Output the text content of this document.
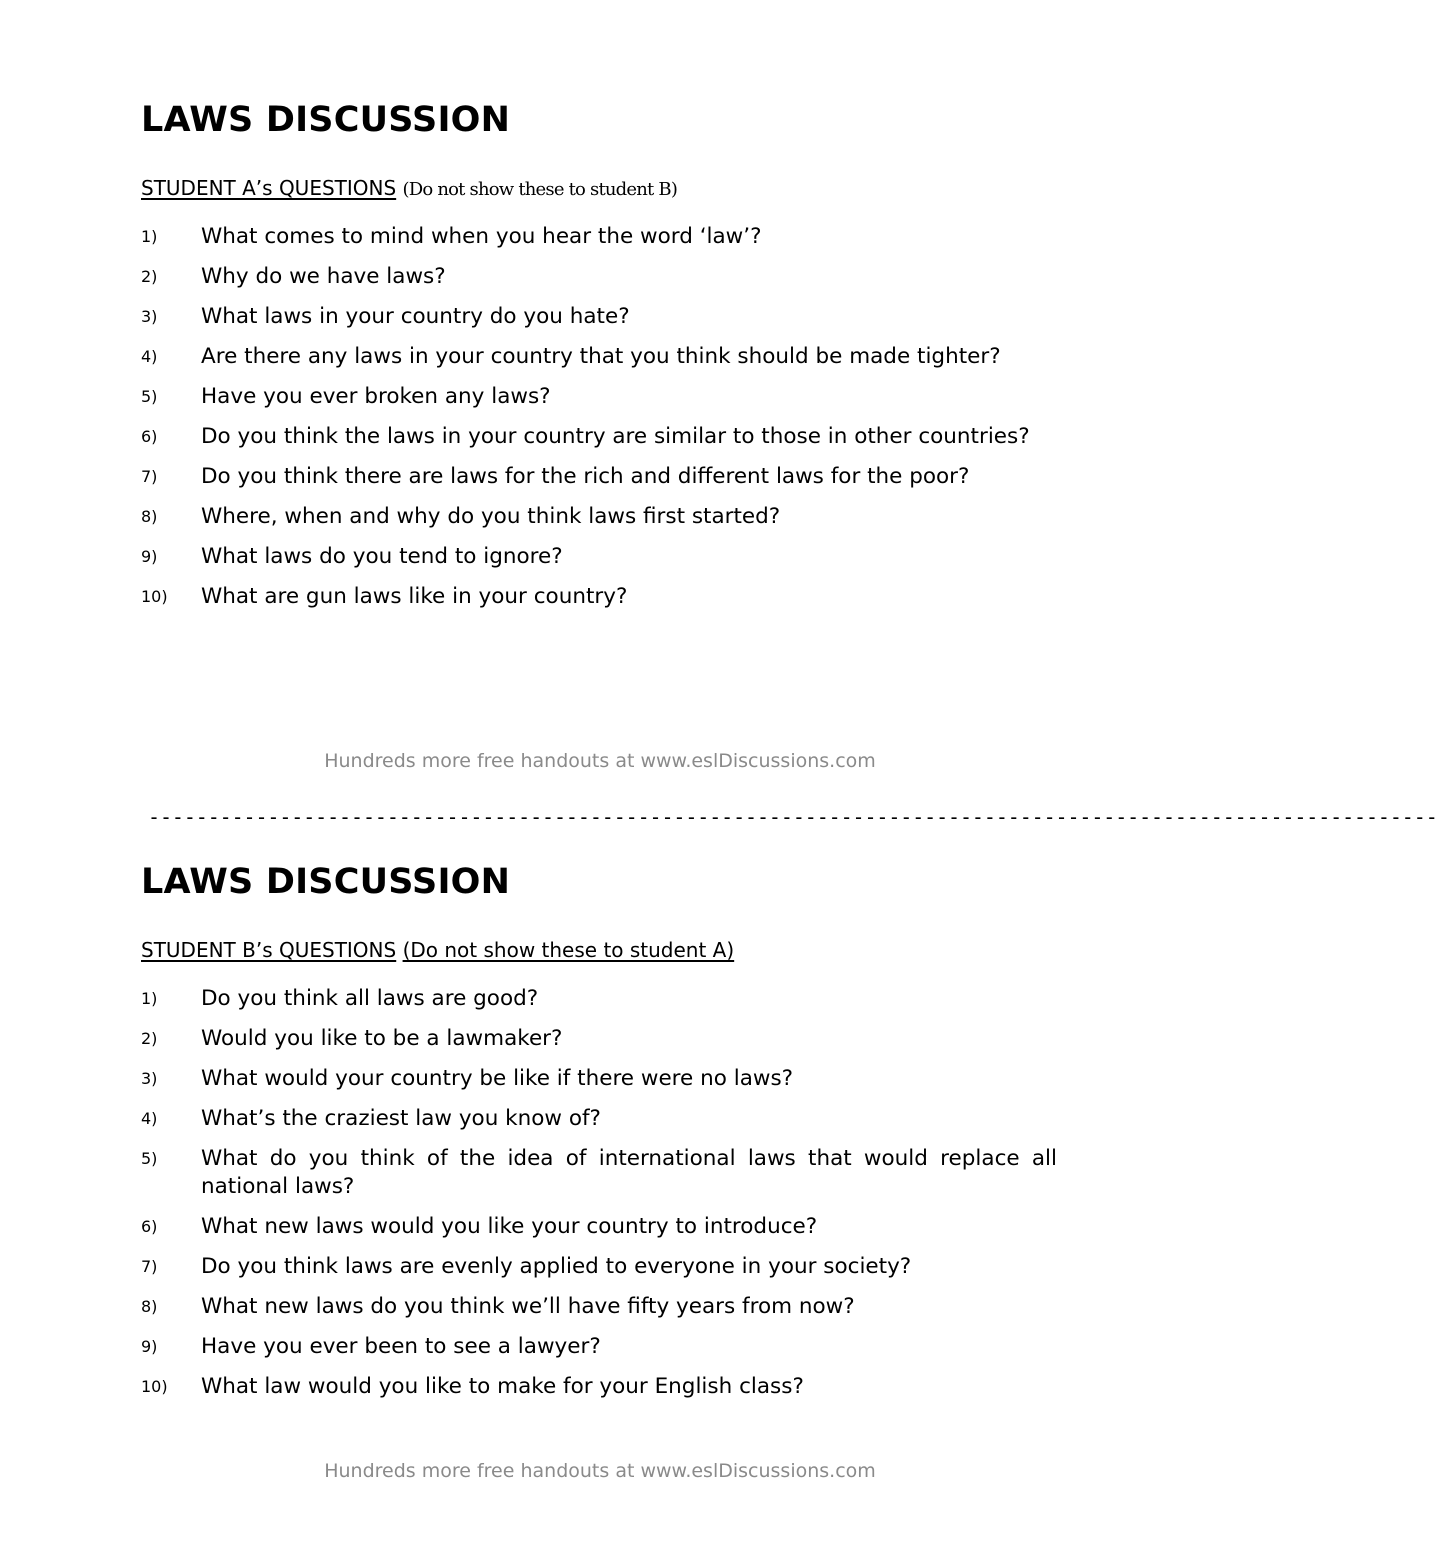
LAWS DISCUSSION
STUDENT A’s QUESTIONS (Do not show these to student B)
1)	What comes to mind when you hear the word ‘law’?
2)	Why do we have laws?
3)	What laws in your country do you hate?
4)	Are there any laws in your country that you think should be made tighter?
5)	Have you ever broken any laws?
6)	Do you think the laws in your country are similar to those in other countries?
7)	Do you think there are laws for the rich and different laws for the poor?
8)	Where, when and why do you think laws first started?
9)	What laws do you tend to ignore?
10)	What are gun laws like in your country?
Hundreds more free handouts at www.eslDiscussions.com
------------------------------------------------------------------------------------------------------------
LAWS DISCUSSION
STUDENT B’s QUESTIONS (Do not show these to student A)
1)	Do you think all laws are good?
2)	Would you like to be a lawmaker?
3)	What would your country be like if there were no laws?
4)	What’s the craziest law you know of?
5)	What do you think of the idea of international laws that would replace all national laws?
6)	What new laws would you like your country to introduce?
7)	Do you think laws are evenly applied to everyone in your society?
8)	What new laws do you think we’ll have fifty years from now?
9)	Have you ever been to see a lawyer?
10)	What law would you like to make for your English class?
Hundreds more free handouts at www.eslDiscussions.com
